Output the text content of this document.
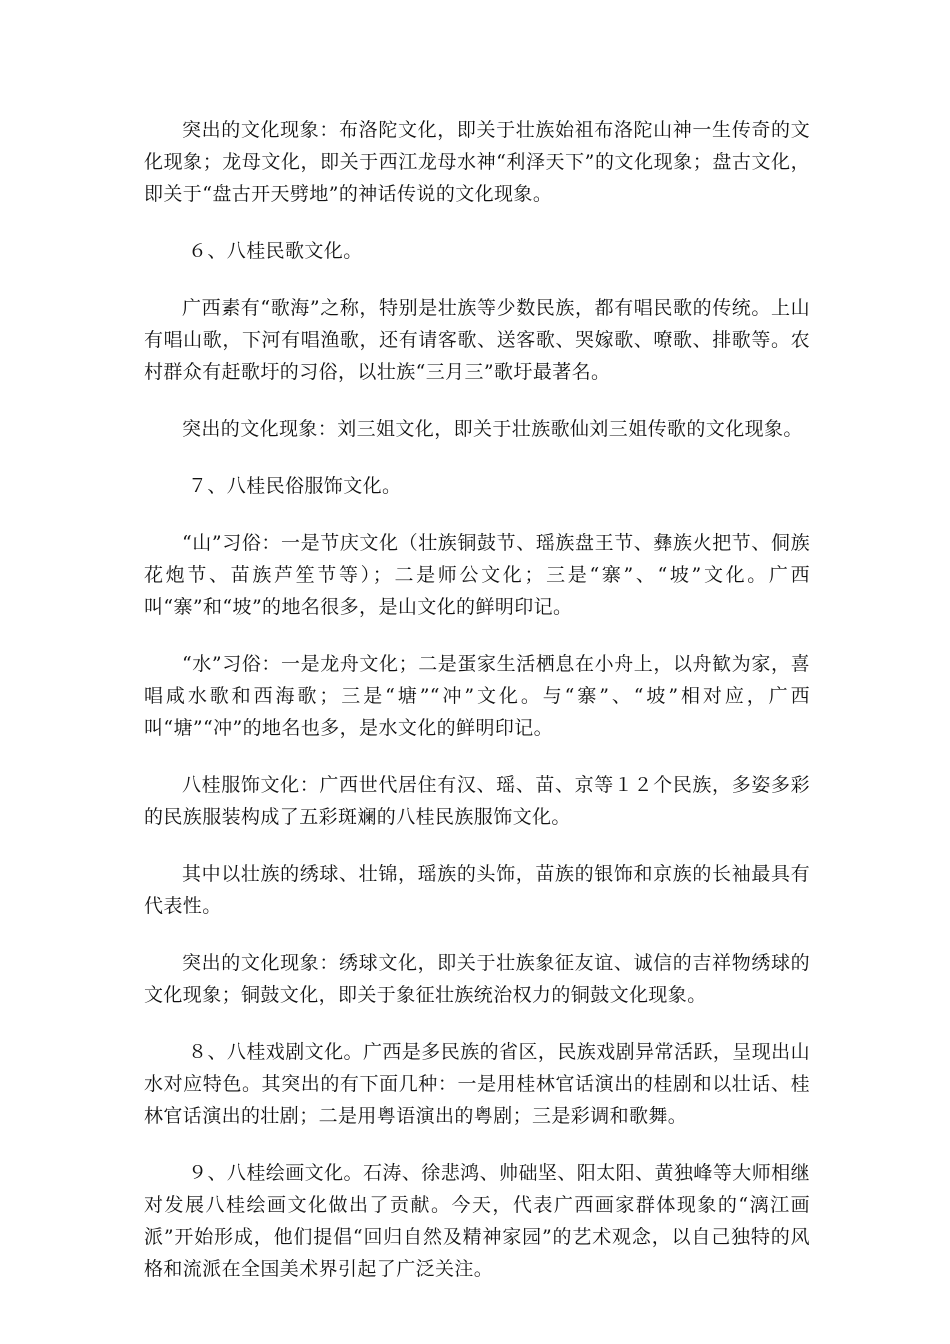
突出的文化现象：布洛陀文化，即关于壮族始祖布洛陀山神一生传奇的文化现象；龙母文化，即关于西江龙母水神“利泽天下”的文化现象；盘古文化，即关于“盘古开天劈地”的神话传说的文化现象。

６、八桂民歌文化。

广西素有“歌海”之称，特别是壮族等少数民族，都有唱民歌的传统。上山有唱山歌，下河有唱渔歌，还有请客歌、送客歌、哭嫁歌、嘹歌、排歌等。农村群众有赶歌圩的习俗，以壮族“三月三”歌圩最著名。

突出的文化现象：刘三姐文化，即关于壮族歌仙刘三姐传歌的文化现象。

７、八桂民俗服饰文化。

“山”习俗：一是节庆文化（壮族铜鼓节、瑶族盘王节、彝族火把节、侗族花炮节、苗族芦笙节等）；二是师公文化；三是“寨”、“坡”文化。广西叫“寨”和“坡”的地名很多，是山文化的鲜明印记。

“水”习俗：一是龙舟文化；二是蛋家生活栖息在小舟上，以舟歓为家，喜唱咸水歌和西海歌；三是“塘”“冲”文化。与“寨”、“坡”相对应，广西叫“塘”“冲”的地名也多，是水文化的鲜明印记。

八桂服饰文化：广西世代居住有汉、瑶、苗、京等１２个民族，多姿多彩的民族服装构成了五彩斑斓的八桂民族服饰文化。

其中以壮族的绣球、壮锦，瑶族的头饰，苗族的银饰和京族的长袖最具有代表性。

突出的文化现象：绣球文化，即关于壮族象征友谊、诚信的吉祥物绣球的文化现象；铜鼓文化，即关于象征壮族统治权力的铜鼓文化现象。

８、八桂戏剧文化。广西是多民族的省区，民族戏剧异常活跃，呈现出山水对应特色。其突出的有下面几种：一是用桂林官话演出的桂剧和以壮话、桂林官话演出的壮剧；二是用粤语演出的粤剧；三是彩调和歌舞。

９、八桂绘画文化。石涛、徐悲鸿、帅础坚、阳太阳、黄独峰等大师相继对发展八桂绘画文化做出了贡献。今天，代表广西画家群体现象的“漓江画派”开始形成，他们提倡“回归自然及精神家园”的艺术观念，以自己独特的风格和流派在全国美术界引起了广泛关注。
